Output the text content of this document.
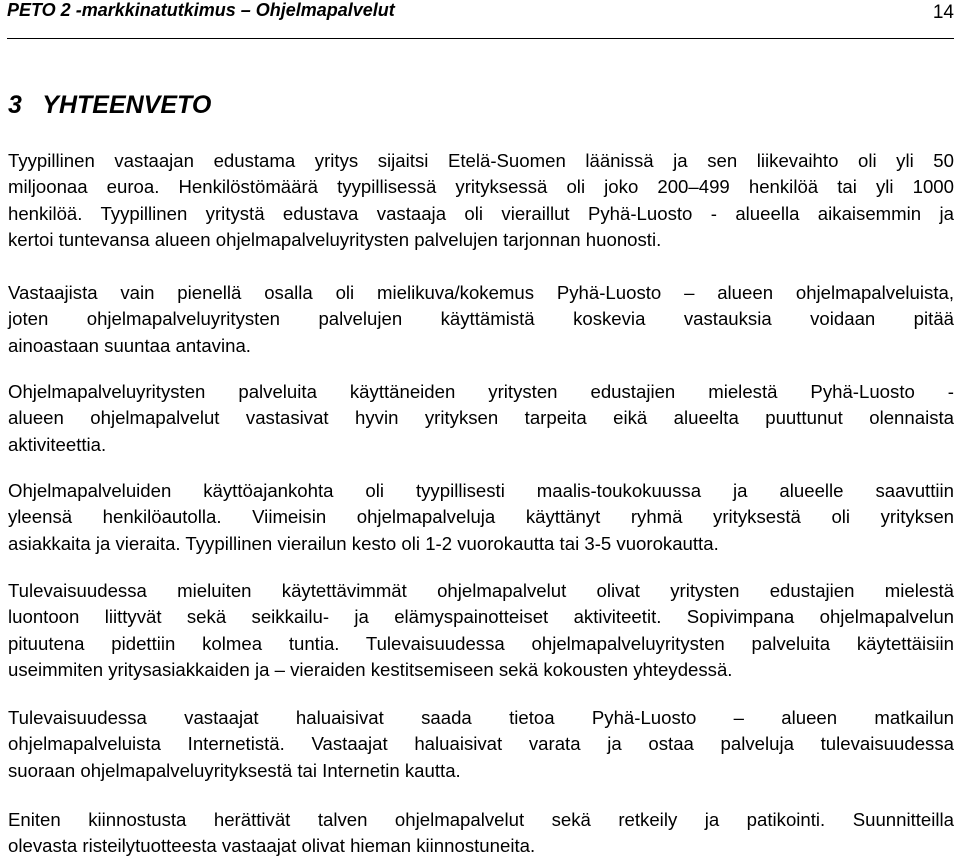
PETO 2 -markkinatutkimus – Ohjelmapalvelut	14
3   YHTEENVETO

Tyypillinen vastaajan edustama yritys sijaitsi Etelä-Suomen läänissä ja sen liikevaihto oli yli 50
miljoonaa euroa. Henkilöstömäärä tyypillisessä yrityksessä oli joko 200–499 henkilöä tai yli 1000
henkilöä. Tyypillinen yritystä edustava vastaaja oli vieraillut Pyhä-Luosto - alueella aikaisemmin ja
kertoi tuntevansa alueen ohjelmapalveluyritysten palvelujen tarjonnan huonosti.

Vastaajista vain pienellä osalla oli mielikuva/kokemus Pyhä-Luosto – alueen ohjelmapalveluista,
joten ohjelmapalveluyritysten palvelujen käyttämistä koskevia vastauksia voidaan pitää
ainoastaan suuntaa antavina.

Ohjelmapalveluyritysten palveluita käyttäneiden yritysten edustajien mielestä Pyhä-Luosto -
alueen ohjelmapalvelut vastasivat hyvin yrityksen tarpeita eikä alueelta puuttunut olennaista
aktiviteettia.

Ohjelmapalveluiden käyttöajankohta oli tyypillisesti maalis-toukokuussa ja alueelle saavuttiin
yleensä henkilöautolla. Viimeisin ohjelmapalveluja käyttänyt ryhmä yrityksestä oli yrityksen
asiakkaita ja vieraita. Tyypillinen vierailun kesto oli 1-2 vuorokautta tai 3-5 vuorokautta.

Tulevaisuudessa mieluiten käytettävimmät ohjelmapalvelut olivat yritysten edustajien mielestä
luontoon liittyvät sekä seikkailu- ja elämyspainotteiset aktiviteetit. Sopivimpana ohjelmapalvelun
pituutena pidettiin kolmea tuntia. Tulevaisuudessa ohjelmapalveluyritysten palveluita käytettäisiin
useimmiten yritysasiakkaiden ja – vieraiden kestitsemiseen sekä kokousten yhteydessä.

Tulevaisuudessa vastaajat haluaisivat saada tietoa Pyhä-Luosto – alueen matkailun
ohjelmapalveluista Internetistä. Vastaajat haluaisivat varata ja ostaa palveluja tulevaisuudessa
suoraan ohjelmapalveluyrityksestä tai Internetin kautta.

Eniten kiinnostusta herättivät talven ohjelmapalvelut sekä retkeily ja patikointi. Suunnitteilla
olevasta risteilytuotteesta vastaajat olivat hieman kiinnostuneita.
